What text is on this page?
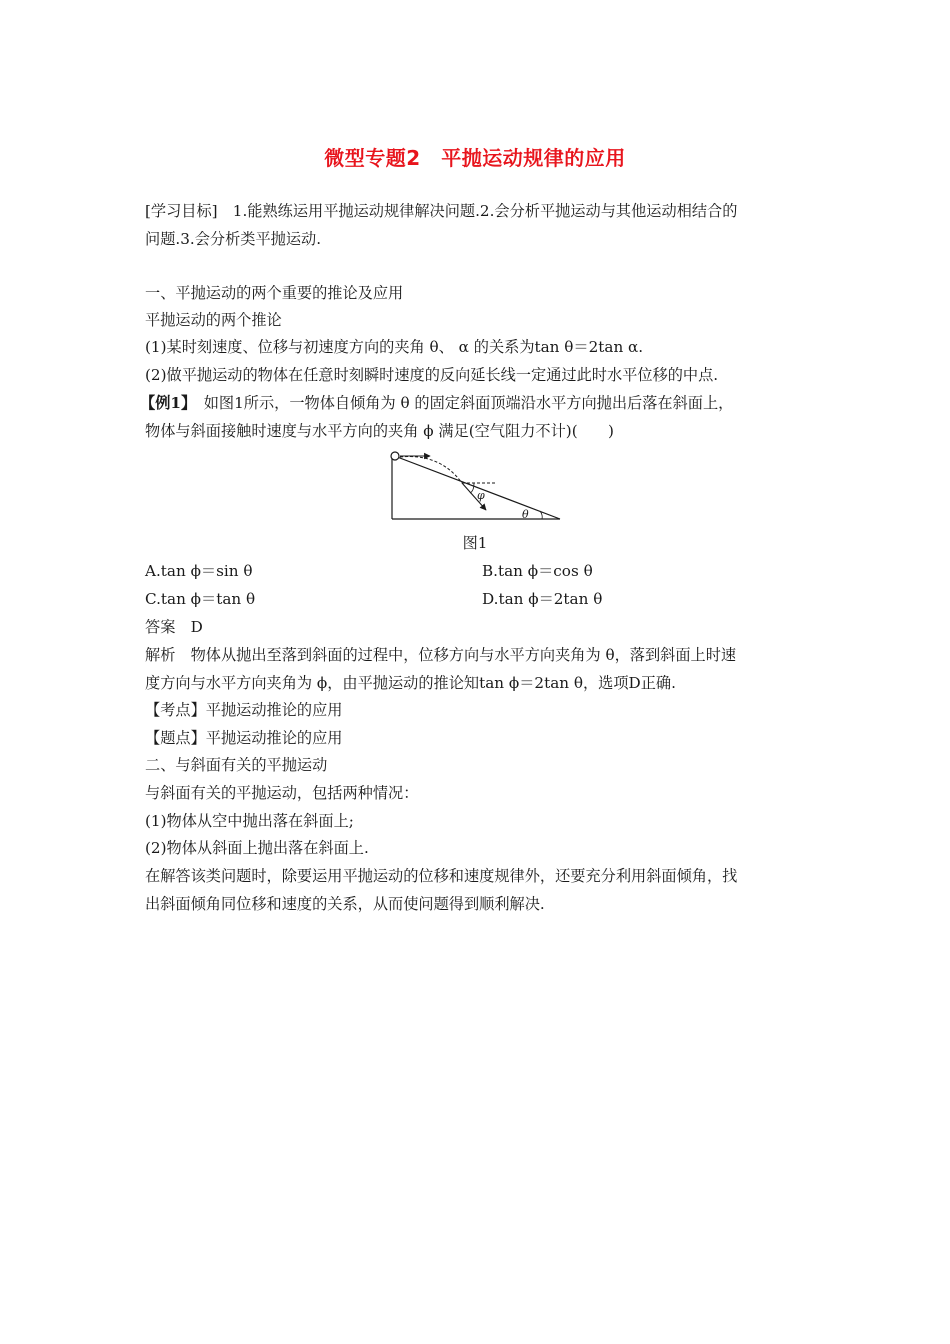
微型专题2　平抛运动规律的应用
[学习目标]　1.能熟练运用平抛运动规律解决问题.2.会分析平抛运动与其他运动相结合的
问题.3.会分析类平抛运动.
一、平抛运动的两个重要的推论及应用
平抛运动的两个推论
(1)某时刻速度、位移与初速度方向的夹角 θ、 α 的关系为tan θ＝2tan α.
(2)做平抛运动的物体在任意时刻瞬时速度的反向延长线一定通过此时水平位移的中点.
【例1】　如图1所示，一物体自倾角为 θ 的固定斜面顶端沿水平方向抛出后落在斜面上，
物体与斜面接触时速度与水平方向的夹角 ϕ 满足(空气阻力不计)(　　)
φ
θ
图1
A.tan ϕ＝sin θ	B.tan ϕ＝cos θ
C.tan ϕ＝tan θ	D.tan ϕ＝2tan θ
答案　D
解析　物体从抛出至落到斜面的过程中，位移方向与水平方向夹角为 θ，落到斜面上时速
度方向与水平方向夹角为 ϕ，由平抛运动的推论知tan ϕ＝2tan θ，选项D正确.
【考点】平抛运动推论的应用
【题点】平抛运动推论的应用
二、与斜面有关的平抛运动
与斜面有关的平抛运动，包括两种情况：
(1)物体从空中抛出落在斜面上;
(2)物体从斜面上抛出落在斜面上.
在解答该类问题时，除要运用平抛运动的位移和速度规律外，还要充分利用斜面倾角，找
出斜面倾角同位移和速度的关系，从而使问题得到顺利解决.
